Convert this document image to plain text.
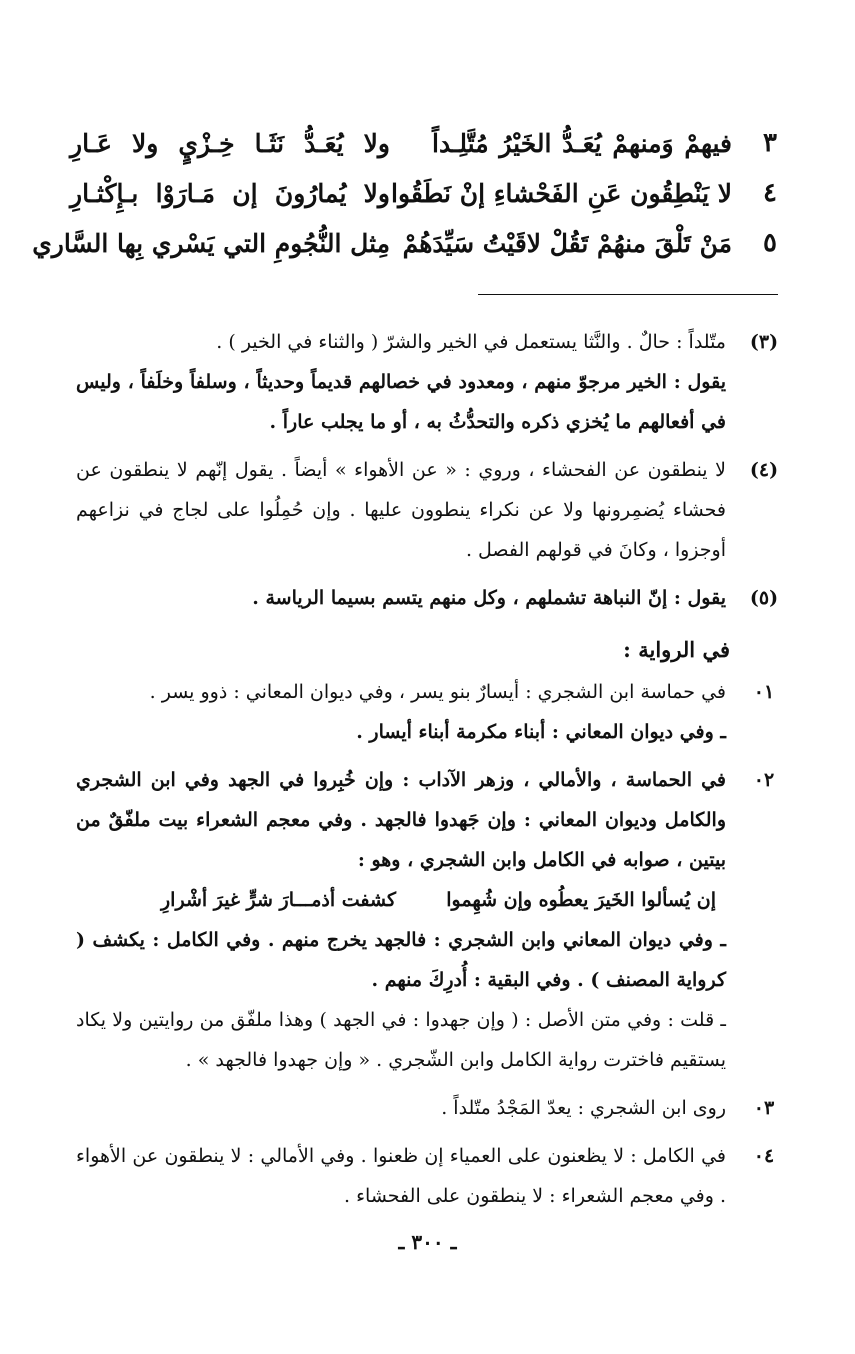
٣
فيهمْ وَمنهمْ يُعَـدُّ الخَيْرُ مُتَّلِـداً
ولا يُعَـدُّ نَثَـا خِـزْيٍ ولا عَـارِ
٤
لا يَنْطِقُون عَنِ الفَحْشاءِ إنْ نَطَقُوا
ولا يُمارُونَ إن مَـارَوْا بـإِكْثـارِ
٥
مَنْ تَلْقَ منهُمْ تَقُلْ لاقَيْتُ سَيِّدَهُمْ
مِثل النُّجُومِ التي يَسْري بِها السَّاري
(٣)

متّلداً : حالٌ . والنَّثا يستعمل في الخير والشرّ ( والثناء في الخير ) .

يقول : الخير مرجوّ منهم ، ومعدود في خصالهم قديماً وحديثاً ، وسلفاً وخلَفاً ، وليس في أفعالهم ما يُخزي ذكره والتحدُّثُ به ، أو ما يجلب عاراً .

(٤)

لا ينطقون عن الفحشاء ، وروي : « عن الأهواء » أيضاً . يقول إنّهم لا ينطقون عن فحشاء يُضمِرونها ولا عن نكراء ينطوون عليها . وإن حُمِلُوا على لجاج في نزاعهم أوجزوا ، وكانَ في قولهم الفصل .

(٥)

يقول : إنّ النباهة تشملهم ، وكل منهم يتسم بسيما الرياسة .

في الرواية :
٠١

في حماسة ابن الشجري : أيسارٌ بنو يسر ، وفي ديوان المعاني : ذوو يسر .

ـ وفي ديوان المعاني : أبناء مكرمة أبناء أيسار .

٠٢

في الحماسة ، والأمالي ، وزهر الآداب : وإن خُبِروا في الجهد وفي ابن الشجري والكامل وديوان المعاني : وإن جَهدوا فالجهد . وفي معجم الشعراء بيت ملفّقٌ من بيتين ، صوابه في الكامل وابن الشجري ، وهو :

إن يُسألوا الخَيرَ يعطُوه وإن شُهِموا
كشفت أذمـــارَ شرٍّ غيرَ أشْرارِ

ـ وفي ديوان المعاني وابن الشجري : فالجهد يخرج منهم . وفي الكامل : يكشف ( كرواية المصنف ) . وفي البقية : أُدرِكَ منهم .

ـ قلت : وفي متن الأصل : ( وإن جهدوا : في الجهد ) وهذا ملفّق من روايتين ولا يكاد يستقيم فاخترت رواية الكامل وابن الشّجري . « وإن جهدوا فالجهد » .

٠٣

روى ابن الشجري : يعدّ المَجْدُ متّلداً .

٠٤

في الكامل : لا يظعنون على العمياء إن ظعنوا . وفي الأمالي : لا ينطقون عن الأهواء . وفي معجم الشعراء : لا ينطقون على الفحشاء .

ـ ٣٠٠ ـ
